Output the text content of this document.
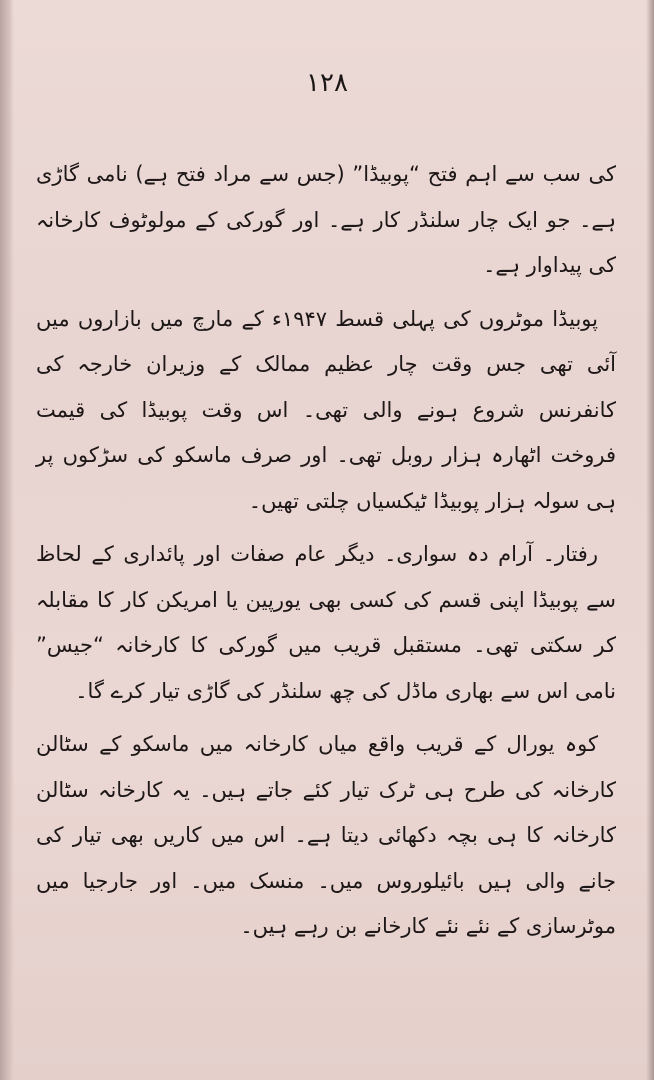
۱۲۸

کی سب سے اہم فتح “پوبیڈا” (جس سے مراد فتح ہے) نامی گاڑی ہے۔ جو ایک چار سلنڈر کار ہے۔ اور گورکی کے مولوٹوف کارخانہ کی پیداوار ہے۔

پوبیڈا موٹروں کی پہلی قسط ۱۹۴۷ء کے مارچ میں بازاروں میں آئی تھی جس وقت چار عظیم ممالک کے وزیران خارجہ کی کانفرنس شروع ہونے والی تھی۔ اس وقت پوبیڈا کی قیمت فروخت اٹھارہ ہزار روبل تھی۔ اور صرف ماسکو کی سڑکوں پر ہی سولہ ہزار پوبیڈا ٹیکسیاں چلتی تھیں۔

رفتار۔ آرام دہ سواری۔ دیگر عام صفات اور پائداری کے لحاظ سے پوبیڈا اپنی قسم کی کسی بھی یورپین یا امریکن کار کا مقابلہ کر سکتی تھی۔ مستقبل قریب میں گورکی کا کارخانہ “جیس” نامی اس سے بھاری ماڈل کی چھ سلنڈر کی گاڑی تیار کرے گا۔

کوہ یورال کے قریب واقع میاں کارخانہ میں ماسکو کے سٹالن کارخانہ کی طرح ہی ٹرک تیار کئے جاتے ہیں۔ یہ کارخانہ سٹالن کارخانہ کا ہی بچہ دکھائی دیتا ہے۔ اس میں کاریں بھی تیار کی جانے والی ہیں بائیلوروس میں۔ منسک میں۔ اور جارجیا میں موٹرسازی کے نئے نئے کارخانے بن رہے ہیں۔
